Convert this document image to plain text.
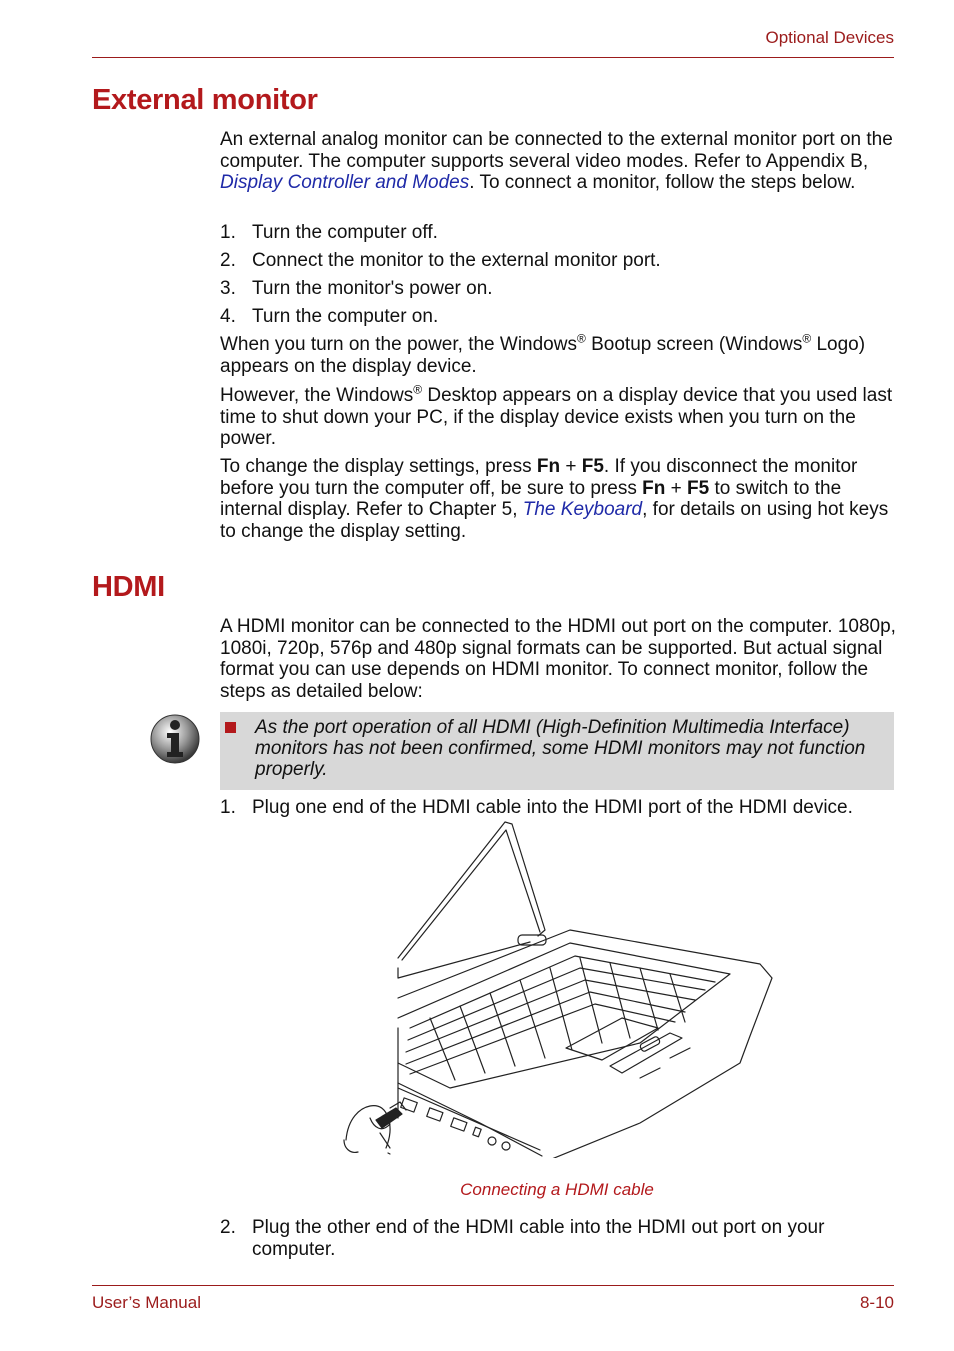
Optional Devices
External monitor

An external analog monitor can be connected to the external monitor port on the computer. The computer supports several video modes. Refer to Appendix B, Display Controller and Modes. To connect a monitor, follow the steps below.

1. Turn the computer off.
2. Connect the monitor to the external monitor port.
3. Turn the monitor's power on.
4. Turn the computer on.

When you turn on the power, the Windows® Bootup screen (Windows® Logo) appears on the display device.

However, the Windows® Desktop appears on a display device that you used last time to shut down your PC, if the display device exists when you turn on the power.

To change the display settings, press Fn + F5. If you disconnect the monitor before you turn the computer off, be sure to press Fn + F5 to switch to the internal display. Refer to Chapter 5, The Keyboard, for details on using hot keys to change the display setting.

HDMI

A HDMI monitor can be connected to the HDMI out port on the computer. 1080p, 1080i, 720p, 576p and 480p signal formats can be supported. But actual signal format you can use depends on HDMI monitor. To connect monitor, follow the steps as detailed below:

As the port operation of all HDMI (High-Definition Multimedia Interface) monitors has not been confirmed, some HDMI monitors may not function properly.
1. Plug one end of the HDMI cable into the HDMI port of the HDMI device.
Connecting a HDMI cable
2. Plug the other end of the HDMI cable into the HDMI out port on your computer.
User’s Manual	8-10
